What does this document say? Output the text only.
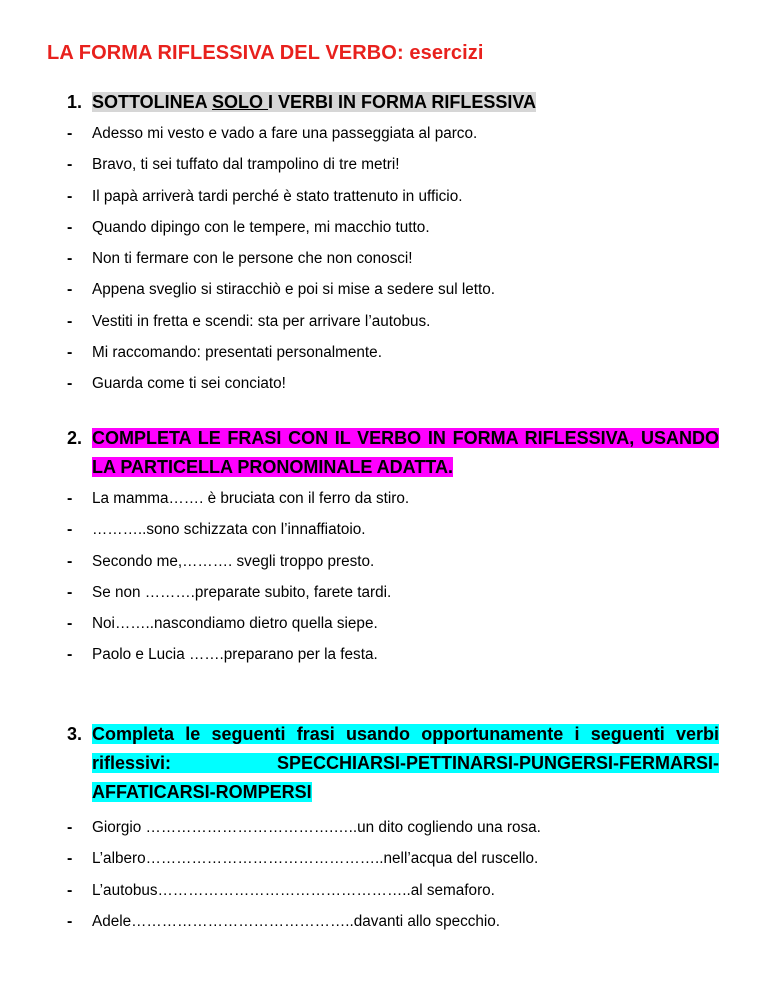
LA FORMA RIFLESSIVA DEL VERBO: esercizi
1. SOTTOLINEA SOLO I VERBI IN FORMA RIFLESSIVA
- Adesso mi vesto e vado a fare una passeggiata al parco.
- Bravo, ti sei tuffato dal trampolino di tre metri!
- Il papà arriverà tardi perché è stato trattenuto in ufficio.
- Quando dipingo con le tempere, mi macchio tutto.
- Non ti fermare con le persone che non conosci!
- Appena sveglio si stiracchiò e poi si mise a sedere sul letto.
- Vestiti in fretta e scendi: sta per arrivare l’autobus.
- Mi raccomando: presentati personalmente.
- Guarda come ti sei conciato!
2. COMPLETA LE FRASI CON IL VERBO IN FORMA RIFLESSIVA, USANDO LA PARTICELLA PRONOMINALE ADATTA.
- La mamma……. è bruciata con il ferro da stiro.
- ………..sono schizzata con l’innaffiatoio.
- Secondo me,………. svegli troppo presto.
- Se non ……….preparate subito, farete tardi.
- Noi……..nascondiamo dietro quella siepe.
- Paolo e Lucia …….preparano per la festa.
3. Completa le seguenti frasi usando opportunamente i seguenti verbi riflessivi: SPECCHIARSI-PETTINARSI-PUNGERSI-FERMARSI-AFFATICARSI-ROMPERSI
- Giorgio ……………………………….…..un dito cogliendo una rosa.
- L’albero………………………………………..nell’acqua del ruscello.
- L’autobus…………………………………………..al semaforo.
- Adele……………………………………..davanti allo specchio.
